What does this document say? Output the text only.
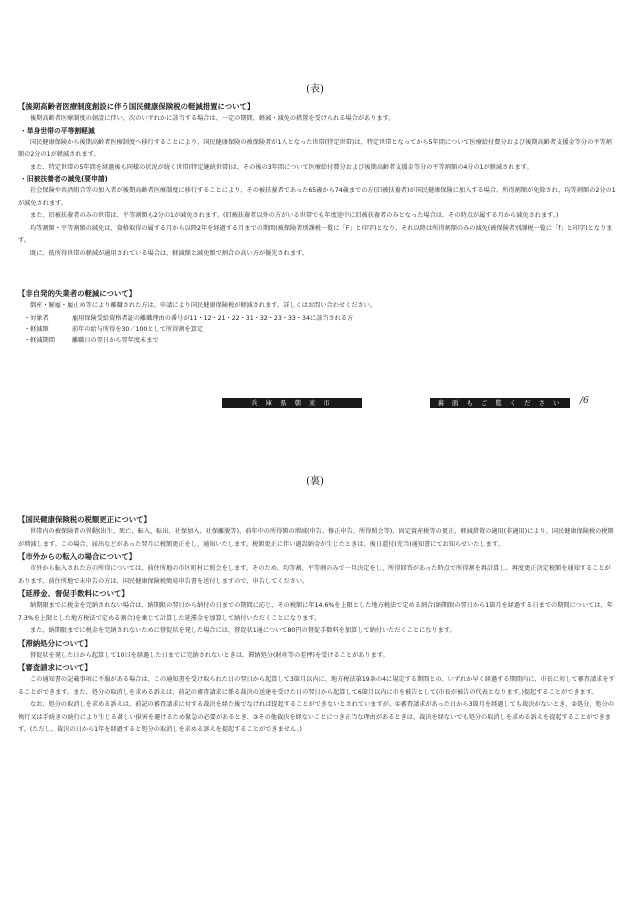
(表)
【後期高齢者医療制度創設に伴う国民健康保険税の軽減措置について】

後期高齢者医療制度の創設に伴い、次のいずれかに該当する場合は、一定の期間、軽減・減免の措置を受けられる場合があります。

・単身世帯の平等割軽減

国民健康保険から後期高齢者医療制度へ移行することにより、国民健康保険の被保険者が1人となった世帯(特定世帯)は、特定世帯となってから5年間について医療給付費分および後期高齢者支援金等分の平等割額の2分の1が軽減されます。

また、特定世帯の5年間を経過後も同様の状況が続く世帯(特定継続世帯)は、その後の3年間について医療給付費分および後期高齢者支援金等分の平等割額の4分の1が軽減されます。

・旧被扶養者の減免(要申請)

社会保険や共済組合等の加入者が後期高齢者医療制度に移行することにより、その被扶養者であった65歳から74歳までの方(旧被扶養者)が国民健康保険に加入する場合、所得割額が免除され、均等割額の2分の1が減免されます。

また、旧被扶養者のみの世帯は、平等割額も2分の1が減免されます。(旧被扶養者以外の方がいる世帯でも年度途中に旧被扶養者のみとなった場合は、その時点が属する月から減免されます。)

均等割額・平等割額の減免は、資格取得の属する月から以降2年を経過する月までの期間(被保険者別課税一覧に「F」と印字)となり、それ以降は所得割額のみの減免(被保険者別課税一覧に「f」と印字)となります。

既に、低所得世帯の軽減が適用されている場合は、軽減額と減免額で割合の高い方が優先されます。

【非自発的失業者の軽減について】

倒産・解雇・雇止め等により離職された方は、申請により国民健康保険税が軽減されます。詳しくはお問い合わせください。

・対象者	雇用保険受給資格者証の離職理由の番号が11・12・21・22・31・32・23・33・34に該当される方
・軽減額	前年の給与所得を30／100として所得割を算定
・軽減期間	離職日の翌日から翌年度末まで
兵 庫 県 朝 来 市	裏 面 も ご 覧 く だ さ い	/6
(裏)
【国民健康保険税の税額更正について】

世帯内の被保険者の異動(出生、死亡、転入、転出、社保加入、社保離脱等)、前年中の所得額の増減(申告、修正申告、所得照会等)、固定資産税等の更正、軽減措置の適用(非適用)により、国民健康保険税の税額が増減します。この場合、届出などがあった翌月に税額更正をし、通知いたします。税額更正に伴い過誤納金が生じたときは、後日還付(充当)通知書にてお知らせいたします。

【市外からの転入の場合について】

市外から転入された方の所得については、前住所地の市区町村に照会をします。そのため、均等割、平等割のみで一旦決定をし、所得回答があった時点で所得割を再計算し、再度更正決定税額を通知することがあります。前住所地で未申告の方は、国民健康保険税簡易申告書を送付しますので、申告してください。

【延滞金、督促手数料について】

納期限までに税金を完納されない場合は、納期限の翌日から納付の日までの期間に応じ、その税額に年14.6%を上限とした地方税法で定める割合(納期限の翌日から1箇月を経過する日までの期間については、年7.3%を上限とした地方税法で定める割合)を乗じて計算した延滞金を加算して納付いただくことになります。

また、納期限までに税金を完納されないために督促状を発した場合には、督促状1通について80円の督促手数料を加算して納付いただくことになります。

【滞納処分について】

督促状を発した日から起算して10日を経過した日までに完納されないときは、滞納処分(財産等の差押)を受けることがあります。

【審査請求について】

この通知書の記載事項に不服がある場合は、この通知書を受け取られた日の翌日から起算して3箇月以内に、地方税法第19条の4に規定する期間との、いずれか早く経過する期間内に、市長に対して審査請求をすることができます。また、処分の取消しを求める訴えは、前記の審査請求に係る裁決の送達を受けた日の翌日から起算して6箇月以内に市を被告として(市長が被告の代表となります。)提起することができます。

なお、処分の取消しを求める訴えは、前記の審査請求に対する裁決を経た後でなければ提起することができないとされていますが、①審査請求があった日から3箇月を経過しても裁決がないとき、②処分、処分の執行又は手続きの続行により生じる著しい損害を避けるため緊急の必要があるとき、③その他裁決を経ないことにつき正当な理由があるときは、裁決を経ないでも処分の取消しを求める訴えを提起することができます。(ただし、裁決の日から1年を経過すると処分の取消しを求める訴えを提起することができません。)
